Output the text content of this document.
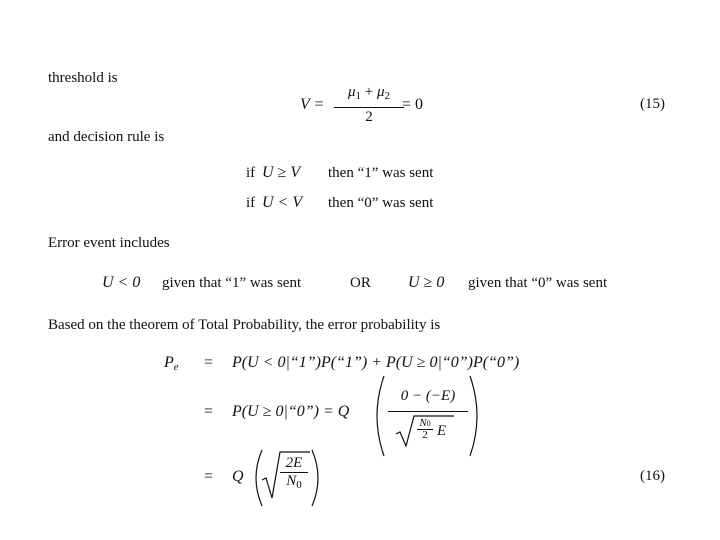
threshold is
and decision rule is
Error event includes
Based on the theorem of Total Probability, the error probability is
V =
$\mu_1 + \mu_2$
2
= 0	(15)
if U ≥ V then “1” was sent
if U < V then “0” was sent
U < 0 given that “1” was sent	OR U ≥ 0 given that “0” was sent
$P_e = P(U$ < 0|“1”)P(“1”) + P(U ≥ 0|“0”)P(“0”)
= P(U ≥ 0|“0”) = Q
0 − (−E)
N0
2 E
= Q
2E
$N_0$
(16)
